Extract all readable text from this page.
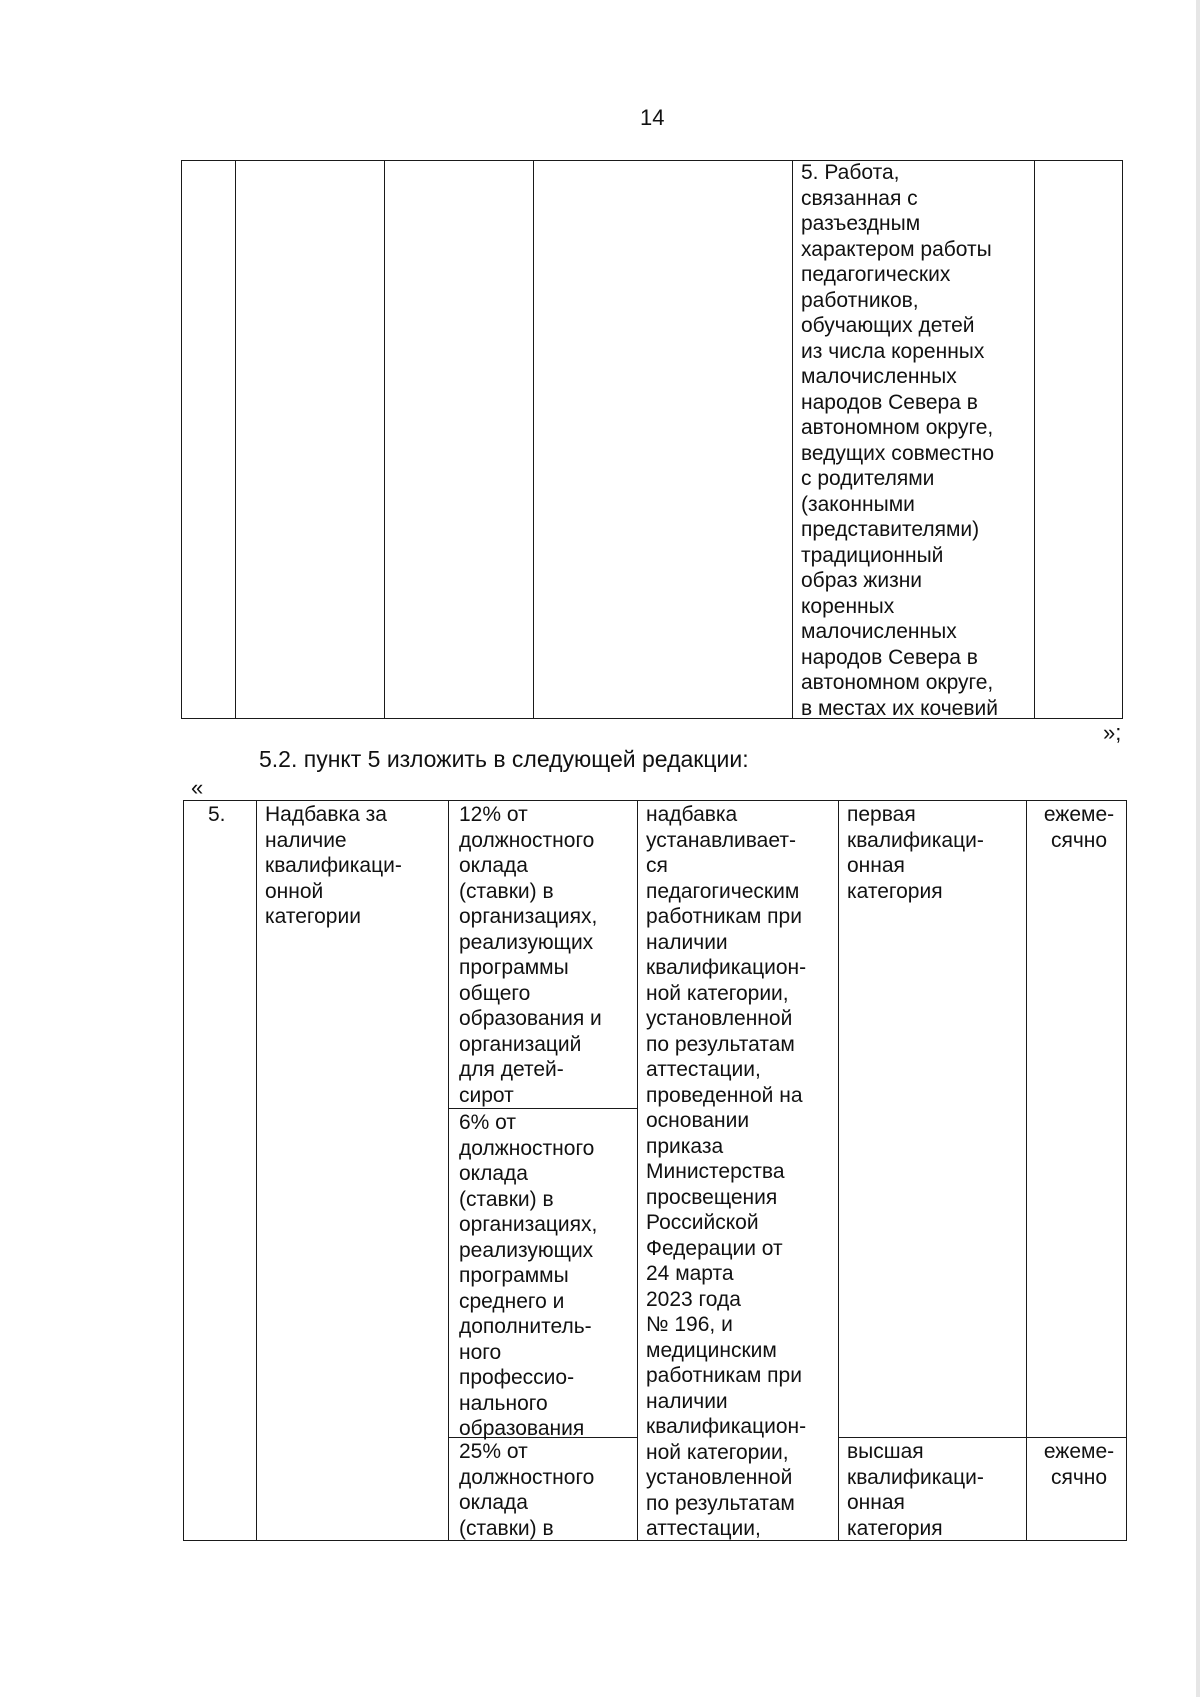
14
5. Работа,
связанная с
разъездным
характером работы
педагогических
работников,
обучающих детей
из числа коренных
малочисленных
народов Севера в
автономном округе,
ведущих совместно
с родителями
(законными
представителями)
традиционный
образ жизни
коренных
малочисленных
народов Севера в
автономном округе,
в местах их кочевий
»;
5.2. пункт 5 изложить в следующей редакции:
«
5.	Надбавка за
наличие
квалификаци-
онной
категории
12% от
должностного
оклада
(ставки) в
организациях,
реализующих
программы
общего
образования и
организаций
для детей-
сирот
6% от
должностного
оклада
(ставки) в
организациях,
реализующих
программы
среднего и
дополнитель-
ного
профессио-
нального
образования
25% от
должностного
оклада
(ставки) в
надбавка
устанавливает-
ся
педагогическим
работникам при
наличии
квалификацион-
ной категории,
установленной
по результатам
аттестации,
проведенной на
основании
приказа
Министерства
просвещения
Российской
Федерации от
24 марта
2023 года
№ 196, и
медицинским
работникам при
наличии
квалификацион-
ной категории,
установленной
по результатам
аттестации,
первая
квалификаци-
онная
категория
высшая
квалификаци-
онная
категория
ежеме-
сячно
ежеме-
сячно
